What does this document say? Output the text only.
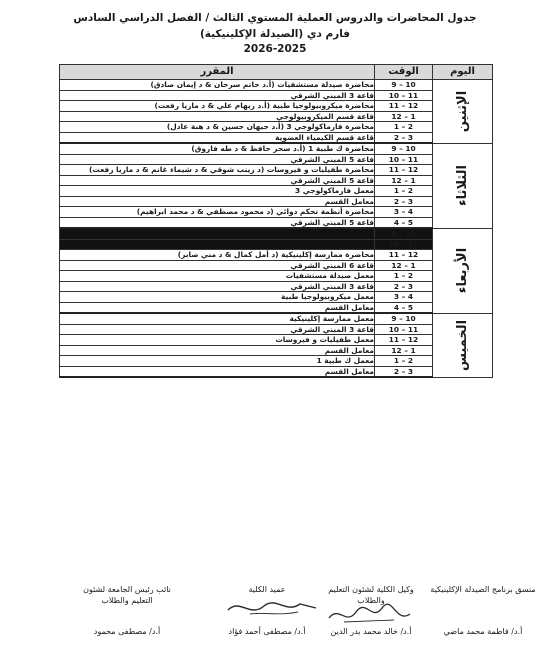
جدول المحاضرات والدروس العملية المستوي الثالث / الفصل الدراسي السادس
فارم دي (الصيدلة الإكلينيكية)
2026-2025
اليوم	الوقت	المقرر
الإثنين	9 – 10	محاضرة صيدلة مستشفيات (أ.د حاتم سرحان & د إيمان صادق)
	10 – 11	قاعة 3 المبني الشرقي
	11 – 12	محاضرة ميكروبيولوجيا طبية (أ.د ريهام علي & د ماريا رفعت)
	12 – 1	قاعة قسم الميكروبيولوجي
	1 – 2	محاضرة فارماكولوجي 3 (أ.د جيهان حسين & د هبة عادل)
	2 – 3	قاعة قسم الكيمياء العضوية
الثلاثاء	9 – 10	محاضرة ك طبية 1 (أ.د سحر حافظ & د طه فاروق)
	10 – 11	قاعة 5 المبني الشرقي
	11 – 12	محاضرة طفيليات و فيروسات (د زينب شوقي & د شيماء غانم & د ماريا رفعت)
	12 – 1	قاعة 5 المبني الشرقي
	1 – 2	معمل فارماكولوجي 3
	2 – 3	معامل القسم
	3 – 4	محاضرة أنظمة تحكم دوائي (د محمود مصطفي & د محمد ابراهيم)
	4 – 5	قاعة 5 المبني الشرقي
الأربعاء	9 – 10	
	10 – 11	
	11 – 12	محاضرة ممارسة إكلينيكية (د أمل كمال & د مني صابر)
	12 – 1	قاعة 6 المبني الشرقي
	1 – 2	معمل صيدلة مستشفيات
	2 – 3	قاعة 3 المبني الشرقي
	3 – 4	معمل ميكروبيولوجيا طبية
	4 – 5	معامل القسم
الخميس	9 – 10	معمل ممارسة إكلينيكية
	10 – 11	قاعة 3 المبني الشرقي
	11 – 12	معمل طفيليات و فيروسات
	12 – 1	معامل القسم
	1 – 2	معمل ك طبية 1
	2 – 3	معامل القسم
منسق برنامج الصيدلة الإكلينيكية
أ.د/ فاطمة محمد ماضي
وكيل الكلية لشئون التعليم والطلاب
أ.د/ خالد محمد بدر الدين
عميد الكلية
أ.د/ مصطفى أحمد فؤاد
نائب رئيس الجامعة لشئون التعليم والطلاب
أ.د/ مصطفى محمود
